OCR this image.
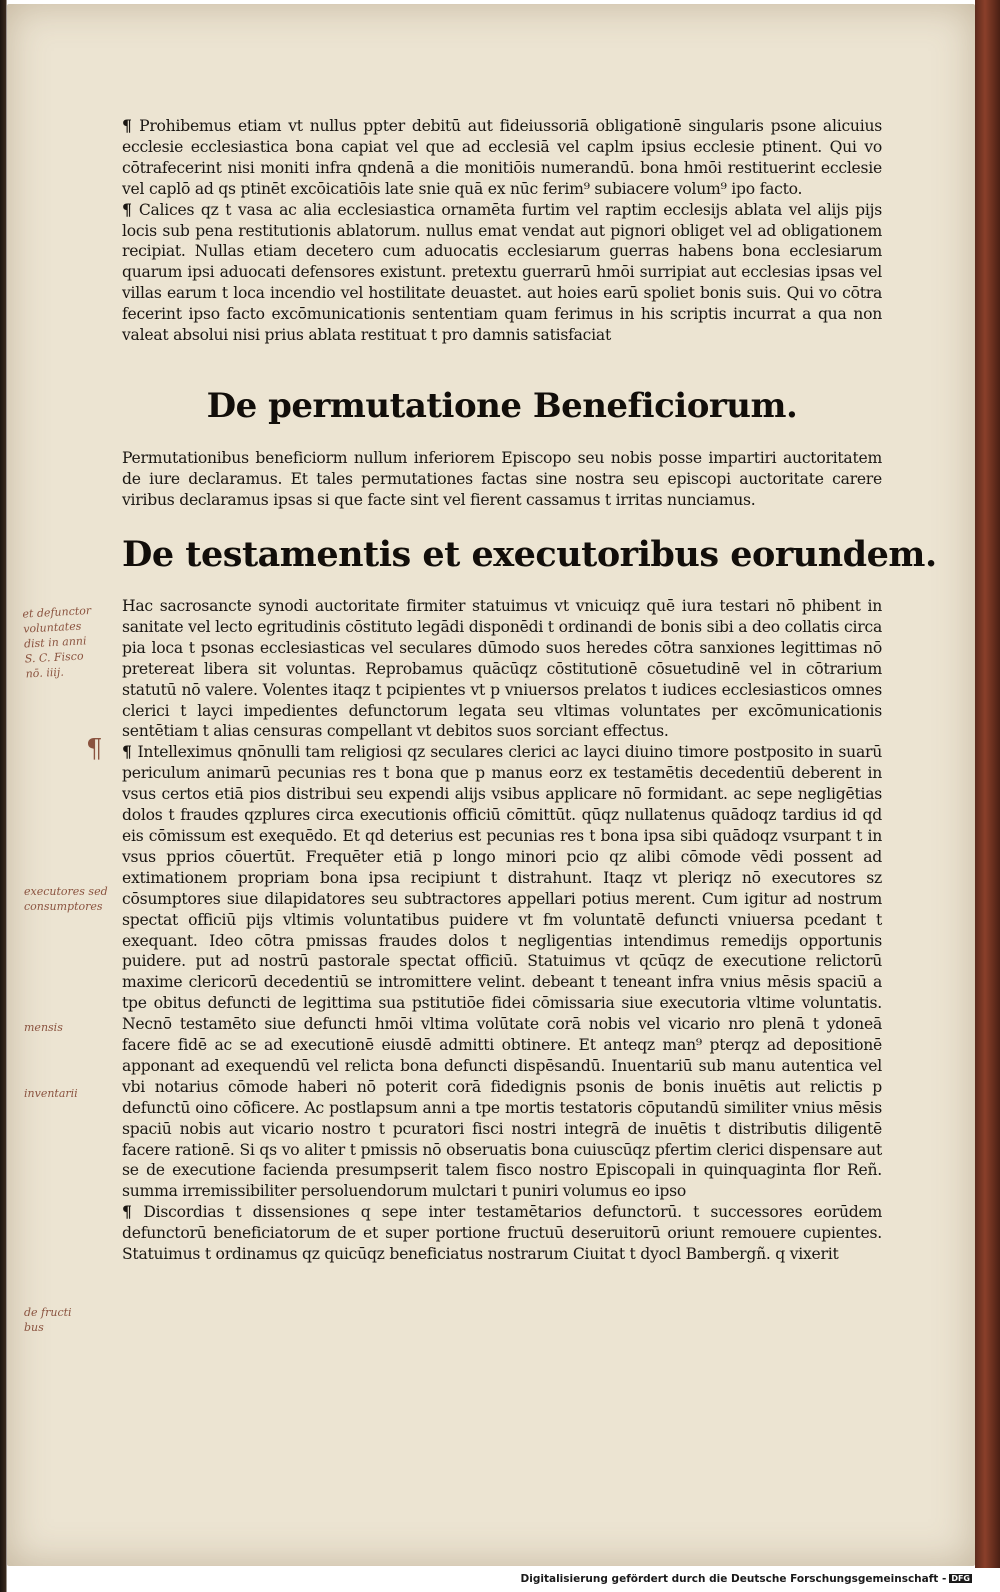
¶ Prohibemus etiam vt nullus ppter debitū aut fideiussoriā obligationē singularis psone alicuius ecclesie ecclesiastica bona capiat vel que ad ecclesiā vel caplm ipsius ecclesie ptinent. Qui vo cōtrafecerint nisi moniti infra qndenā a die monitiōis numerandū. bona hmōi restituerint ecclesie vel caplō ad qs ptinēt excōicatiōis late snie quā ex nūc ferim⁹ subiacere volum⁹ ipo facto.

¶ Calices qz t vasa ac alia ecclesiastica ornamēta furtim vel raptim ecclesijs ablata vel alijs pijs locis sub pena restitutionis ablatorum. nullus emat vendat aut pignori obliget vel ad obligationem recipiat. Nullas etiam decetero cum aduocatis ecclesiarum guerras habens bona ecclesiarum quarum ipsi aduocati defensores existunt. pretextu guerrarū hmōi surripiat aut ecclesias ipsas vel villas earum t loca incendio vel hostilitate deuastet. aut hoies earū spoliet bonis suis. Qui vo cōtra fecerint ipso facto excōmunicationis sententiam quam ferimus in his scriptis incurrat a qua non valeat absolui nisi prius ablata restituat t pro damnis satisfaciat

De permutatione Beneficiorum.

Permutationibus beneficiorm nullum inferiorem Episcopo seu nobis posse impartiri auctoritatem de iure declaramus. Et tales permutationes factas sine nostra seu episcopi auctoritate carere viribus declaramus ipsas si que facte sint vel fierent cassamus t irritas nunciamus.

De testamentis et executoribus eorundem.

Hac sacrosancte synodi auctoritate firmiter statuimus vt vnicuiqz quē iura testari nō phibent in sanitate vel lecto egritudinis cōstituto legādi disponēdi t ordinandi de bonis sibi a deo collatis circa pia loca t psonas ecclesiasticas vel seculares dūmodo suos heredes cōtra sanxiones legittimas nō pretereat libera sit voluntas. Reprobamus quācūqz cōstitutionē cōsuetudinē vel in cōtrarium statutū nō valere. Volentes itaqz t pcipientes vt p vniuersos prelatos t iudices ecclesiasticos omnes clerici t layci impedientes defunctorum legata seu vltimas voluntates per excōmunicationis sentētiam t alias censuras compellant vt debitos suos sorciant effectus.

¶ Intelleximus qnōnulli tam religiosi qz seculares clerici ac layci diuino timore postposito in suarū periculum animarū pecunias res t bona que p manus eorz ex testamētis decedentiū deberent in vsus certos etiā pios distribui seu expendi alijs vsibus applicare nō formidant. ac sepe negligētias dolos t fraudes qzplures circa executionis officiū cōmittūt. qūqz nullatenus quādoqz tardius id qd eis cōmissum est exequēdo. Et qd deterius est pecunias res t bona ipsa sibi quādoqz vsurpant t in vsus pprios cōuertūt. Frequēter etiā p longo minori pcio qz alibi cōmode vēdi possent ad extimationem propriam bona ipsa recipiunt t distrahunt. Itaqz vt pleriqz nō executores sz cōsumptores siue dilapidatores seu subtractores appellari potius merent. Cum igitur ad nostrum spectat officiū pijs vltimis voluntatibus puidere vt fm voluntatē defuncti vniuersa pcedant t exequant. Ideo cōtra pmissas fraudes dolos t negligentias intendimus remedijs opportunis puidere. put ad nostrū pastorale spectat officiū. Statuimus vt qcūqz de executione relictorū maxime clericorū decedentiū se intromittere velint. debeant t teneant infra vnius mēsis spaciū a tpe obitus defuncti de legittima sua pstitutiōe fidei cōmissaria siue executoria vltime voluntatis. Necnō testamēto siue defuncti hmōi vltima volūtate corā nobis vel vicario nro plenā t ydoneā facere fidē ac se ad executionē eiusdē admitti obtinere. Et anteqz man⁹ pterqz ad depositionē apponant ad exequendū vel relicta bona defuncti dispēsandū. Inuentariū sub manu autentica vel vbi notarius cōmode haberi nō poterit corā fidedignis psonis de bonis inuētis aut relictis p defunctū oino cōficere. Ac postlapsum anni a tpe mortis testatoris cōputandū similiter vnius mēsis spaciū nobis aut vicario nostro t pcuratori fisci nostri integrā de inuētis t distributis diligentē facere rationē. Si qs vo aliter t pmissis nō obseruatis bona cuiuscūqz pfertim clerici dispensare aut se de executione facienda presumpserit talem fisco nostro Episcopali in quinquaginta flor Reñ. summa irremissibiliter persoluendorum mulctari t puniri volumus eo ipso

¶ Discordias t dissensiones q sepe inter testamētarios defunctorū. t successores eorūdem defunctorū beneficiatorum de et super portione fructuū deseruitorū oriunt remouere cupientes. Statuimus t ordinamus qz quicūqz beneficiatus nostrarum Ciuitat t dyocl Bambergñ. q vixerit

et defunctor
voluntates
dist in anni
S. C. Fisco
nō. iiij.
¶
executores sed
consumptores
mensis
inventarii
de fructi
bus
Digitalisierung gefördert durch die Deutsche Forschungsgemeinschaft - DFG
